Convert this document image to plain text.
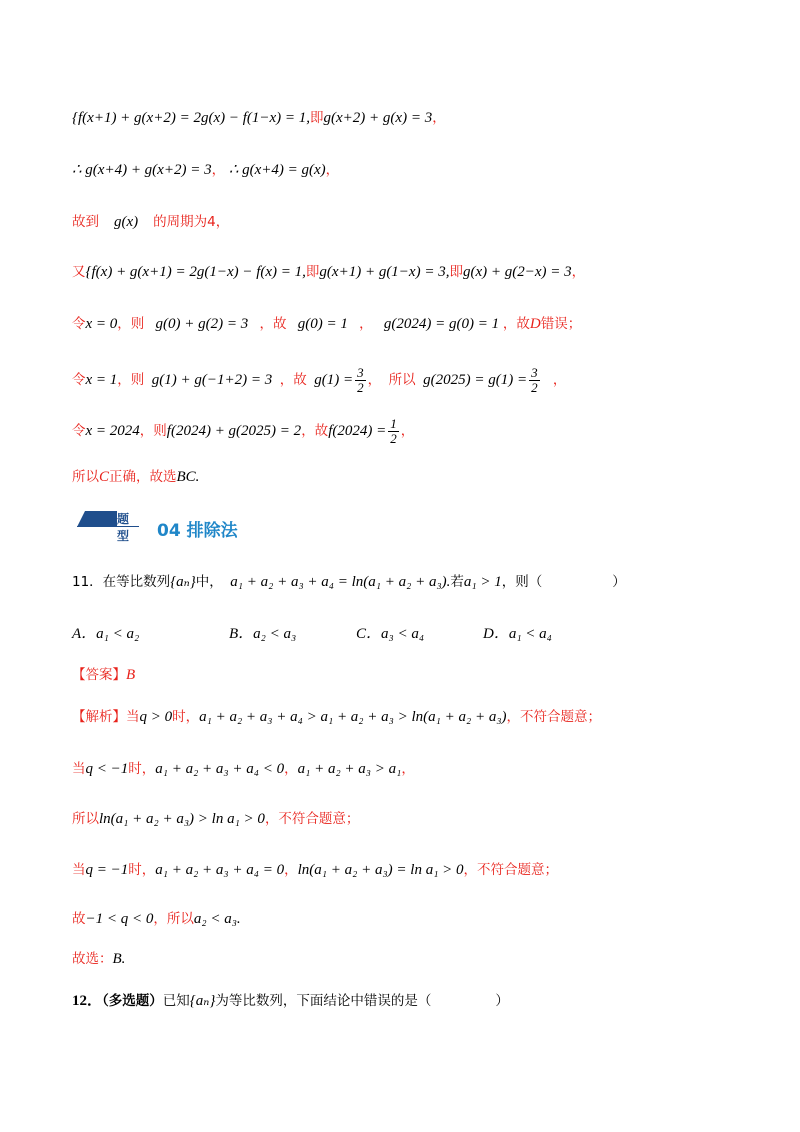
{f(x+1) + g(x+2) = 2g(x) − f(1−x) = 1,即g(x+2) + g(x) = 3，
∴ g(x+4) + g(x+2) = 3， ∴ g(x+4) = g(x)，
故到 g(x) 的周期为4，
又{f(x) + g(x+1) = 2g(1−x) − f(x) = 1,即g(x+1) + g(1−x) = 3,即g(x) + g(2−x) = 3，
令x = 0，则 g(0) + g(2) = 3 ，故 g(0) = 1 ， g(2024) = g(0) = 1 ，故D错误；
令x = 1，则 g(1) + g(−1+2) = 3 ，故 $g(1) = \frac{3}{2}$ ， 所以 $g(2025) = g(1) = \frac{3}{2}$ ，
令x = 2024，则f(2024) + g(2025) = 2，故$f(2024) = \frac{1}{2}$ ，
所以C正确，故选BC.
题型	04 排除法
11．在等比数列{aₙ}中， a₁ + a₂ + a₃ + a₄ = ln(a₁ + a₂ + a₃).若a₁ > 1，则（	）
A．a₁ < a₂	B．a₂ < a₃	C．a₃ < a₄	D．a₁ < a₄
【答案】B
【解析】当q > 0时，a₁ + a₂ + a₃ + a₄ > a₁ + a₂ + a₃ > ln(a₁ + a₂ + a₃)，不符合题意；
当q < −1时，a₁ + a₂ + a₃ + a₄ < 0，a₁ + a₂ + a₃ > a₁，
所以ln(a₁ + a₂ + a₃) > ln a₁ > 0，不符合题意；
当q = −1时，a₁ + a₂ + a₃ + a₄ = 0，ln(a₁ + a₂ + a₃) = ln a₁ > 0，不符合题意；
故−1 < q < 0，所以a₂ < a₃.
故选：B.
12．（多选题）已知{aₙ}为等比数列，下面结论中错误的是（	）
